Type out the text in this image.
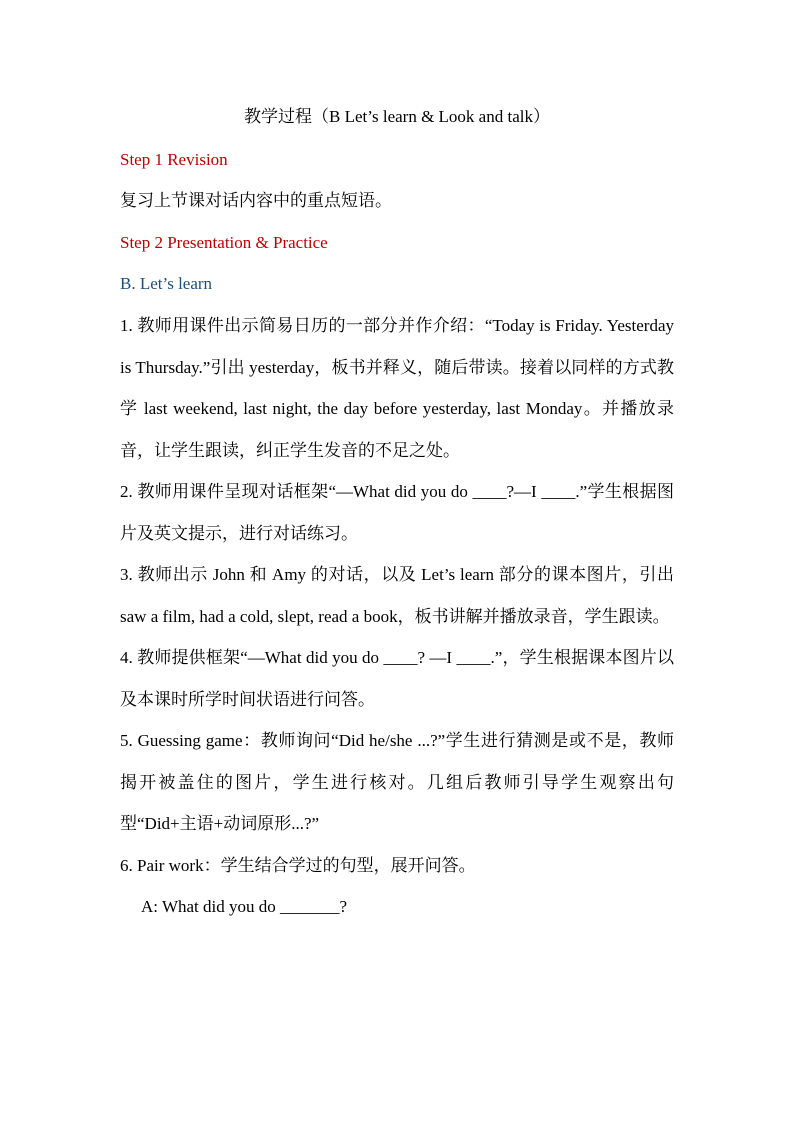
教学过程（B Let’s learn & Look and talk）
Step 1 Revision

复习上节课对话内容中的重点短语。

Step 2 Presentation & Practice
B. Let’s learn

1. 教师用课件出示简易日历的一部分并作介绍：“Today is Friday. Yesterday is Thursday.”引出 yesterday，板书并释义，随后带读。接着以同样的方式教学 last weekend, last night, the day before yesterday, last Monday。并播放录音，让学生跟读，纠正学生发音的不足之处。

2. 教师用课件呈现对话框架“—What did you do ____?—I ____.”学生根据图片及英文提示，进行对话练习。

3. 教师出示 John 和 Amy 的对话，以及 Let’s learn 部分的课本图片，引出 saw a film, had a cold, slept, read a book，板书讲解并播放录音，学生跟读。

4. 教师提供框架“—What did you do ____? —I ____.”，学生根据课本图片以及本课时所学时间状语进行问答。

5. Guessing game：教师询问“Did he/she ...?”学生进行猜测是或不是，教师揭开被盖住的图片，学生进行核对。几组后教师引导学生观察出句型“Did+主语+动词原形...?”

6. Pair work：学生结合学过的句型，展开问答。

A: What did you do _______?
